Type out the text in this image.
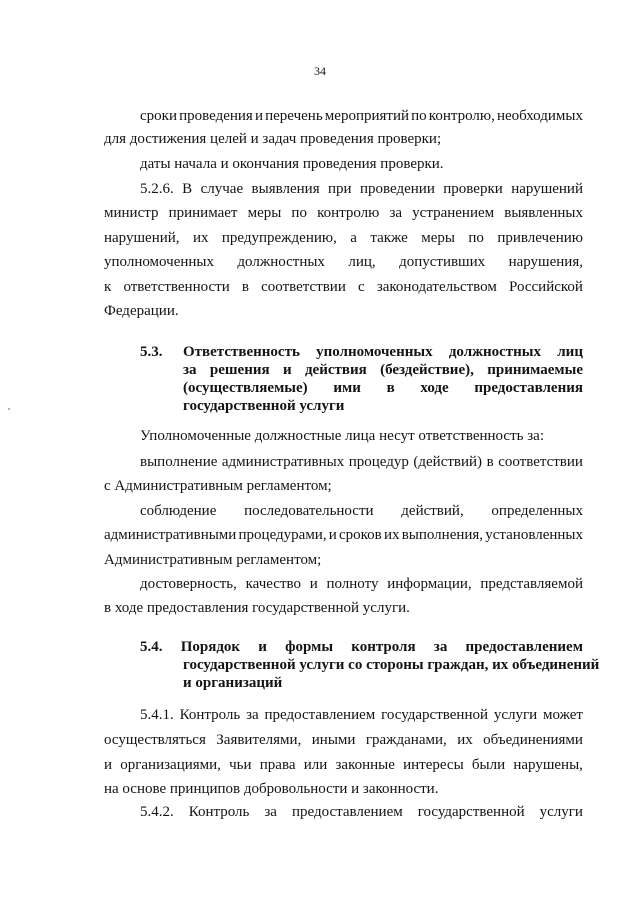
34
сроки проведения и перечень мероприятий по контролю, необходимых
для достижения целей и задач проведения проверки;
даты начала и окончания проведения проверки.
5.2.6. В случае выявления при проведении проверки нарушений
министр принимает меры по контролю за устранением выявленных
нарушений, их предупреждению, а также меры по привлечению
уполномоченных должностных лиц, допустивших нарушения,
к ответственности в соответствии с законодательством Российской
Федерации.
5.3. Ответственность уполномоченных должностных лиц
за решения и действия (бездействие), принимаемые
(осуществляемые) ими в ходе предоставления
государственной услуги
Уполномоченные должностные лица несут ответственность за:
выполнение административных процедур (действий) в соответствии
с Административным регламентом;
соблюдение последовательности действий, определенных
административными процедурами, и сроков их выполнения, установленных
Административным регламентом;
достоверность, качество и полноту информации, представляемой
в ходе предоставления государственной услуги.
5.4. Порядок и формы контроля за предоставлением
государственной услуги со стороны граждан, их объединений
и организаций
5.4.1. Контроль за предоставлением государственной услуги может
осуществляться Заявителями, иными гражданами, их объединениями
и организациями, чьи права или законные интересы были нарушены,
на основе принципов добровольности и законности.
5.4.2. Контроль за предоставлением государственной услуги
